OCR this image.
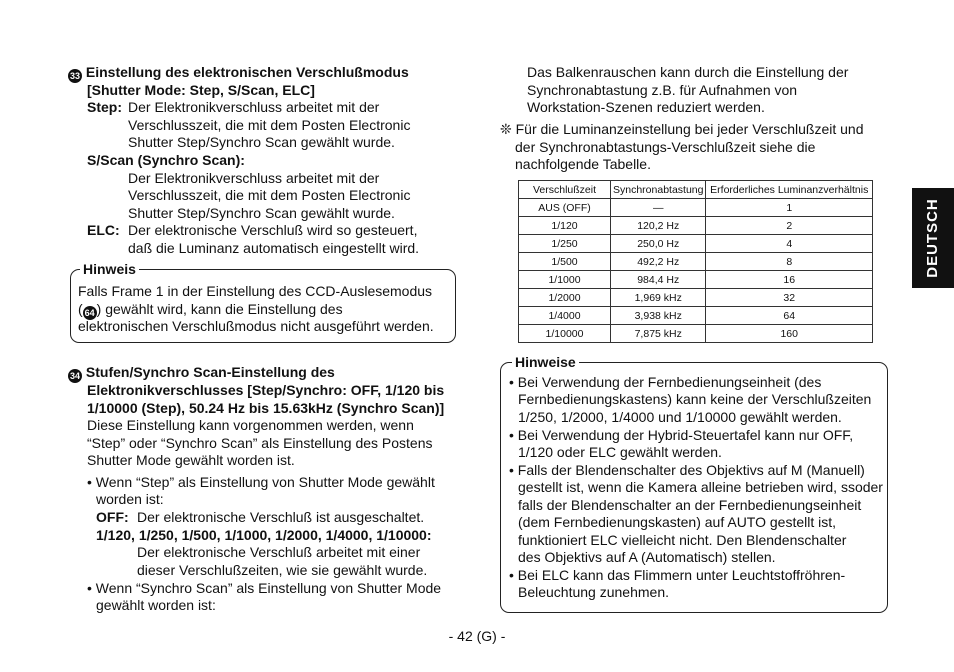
33 Einstellung des elektronischen Verschlußmodus
[Shutter Mode: Step, S/Scan, ELC]
Step: Der Elektronikverschluss arbeitet mit der
Verschlusszeit, die mit dem Posten Electronic
Shutter Step/Synchro Scan gewählt wurde.
S/Scan (Synchro Scan):
Der Elektronikverschluss arbeitet mit der
Verschlusszeit, die mit dem Posten Electronic
Shutter Step/Synchro Scan gewählt wurde.
ELC: Der elektronische Verschluß wird so gesteuert,
daß die Luminanz automatisch eingestellt wird.
Hinweis
Falls Frame 1 in der Einstellung des CCD-Auslesemodus
( 64 ) gewählt wird, kann die Einstellung des
elektronischen Verschlußmodus nicht ausgeführt werden.
34 Stufen/Synchro Scan-Einstellung des
Elektronikverschlusses [Step/Synchro: OFF, 1/120 bis
1/10000 (Step), 50.24 Hz bis 15.63kHz (Synchro Scan)]
Diese Einstellung kann vorgenommen werden, wenn
“Step” oder “Synchro Scan” als Einstellung des Postens
Shutter Mode gewählt worden ist.
• Wenn “Step” als Einstellung von Shutter Mode gewählt
worden ist:
OFF: Der elektronische Verschluß ist ausgeschaltet.
1/120, 1/250, 1/500, 1/1000, 1/2000, 1/4000, 1/10000:
Der elektronische Verschluß arbeitet mit einer
dieser Verschlußzeiten, wie sie gewählt wurde.
• Wenn “Synchro Scan” als Einstellung von Shutter Mode
gewählt worden ist:
Das Balkenrauschen kann durch die Einstellung der
Synchronabtastung z.B. für Aufnahmen von
Workstation-Szenen reduziert werden.
❊ Für die Luminanzeinstellung bei jeder Verschlußzeit und
der Synchronabtastungs-Verschlußzeit siehe die
nachfolgende Tabelle.
Verschlußzeit	Synchronabtastung	Erforderliches Luminanzverhältnis
AUS (OFF)	—	1
1/120	120,2 Hz	2
1/250	250,0 Hz	4
1/500	492,2 Hz	8
1/1000	984,4 Hz	16
1/2000	1,969 kHz	32
1/4000	3,938 kHz	64
1/10000	7,875 kHz	160
Hinweise
• Bei Verwendung der Fernbedienungseinheit (des
Fernbedienungskastens) kann keine der Verschlußzeiten
1/250, 1/2000, 1/4000 und 1/10000 gewählt werden.
• Bei Verwendung der Hybrid-Steuertafel kann nur OFF,
1/120 oder ELC gewählt werden.
• Falls der Blendenschalter des Objektivs auf M (Manuell)
gestellt ist, wenn die Kamera alleine betrieben wird, ssoder
falls der Blendenschalter an der Fernbedienungseinheit
(dem Fernbedienungskasten) auf AUTO gestellt ist,
funktioniert ELC vielleicht nicht. Den Blendenschalter
des Objektivs auf A (Automatisch) stellen.
• Bei ELC kann das Flimmern unter Leuchtstoffröhren-
Beleuchtung zunehmen.
DEUTSCH
- 42 (G) -
